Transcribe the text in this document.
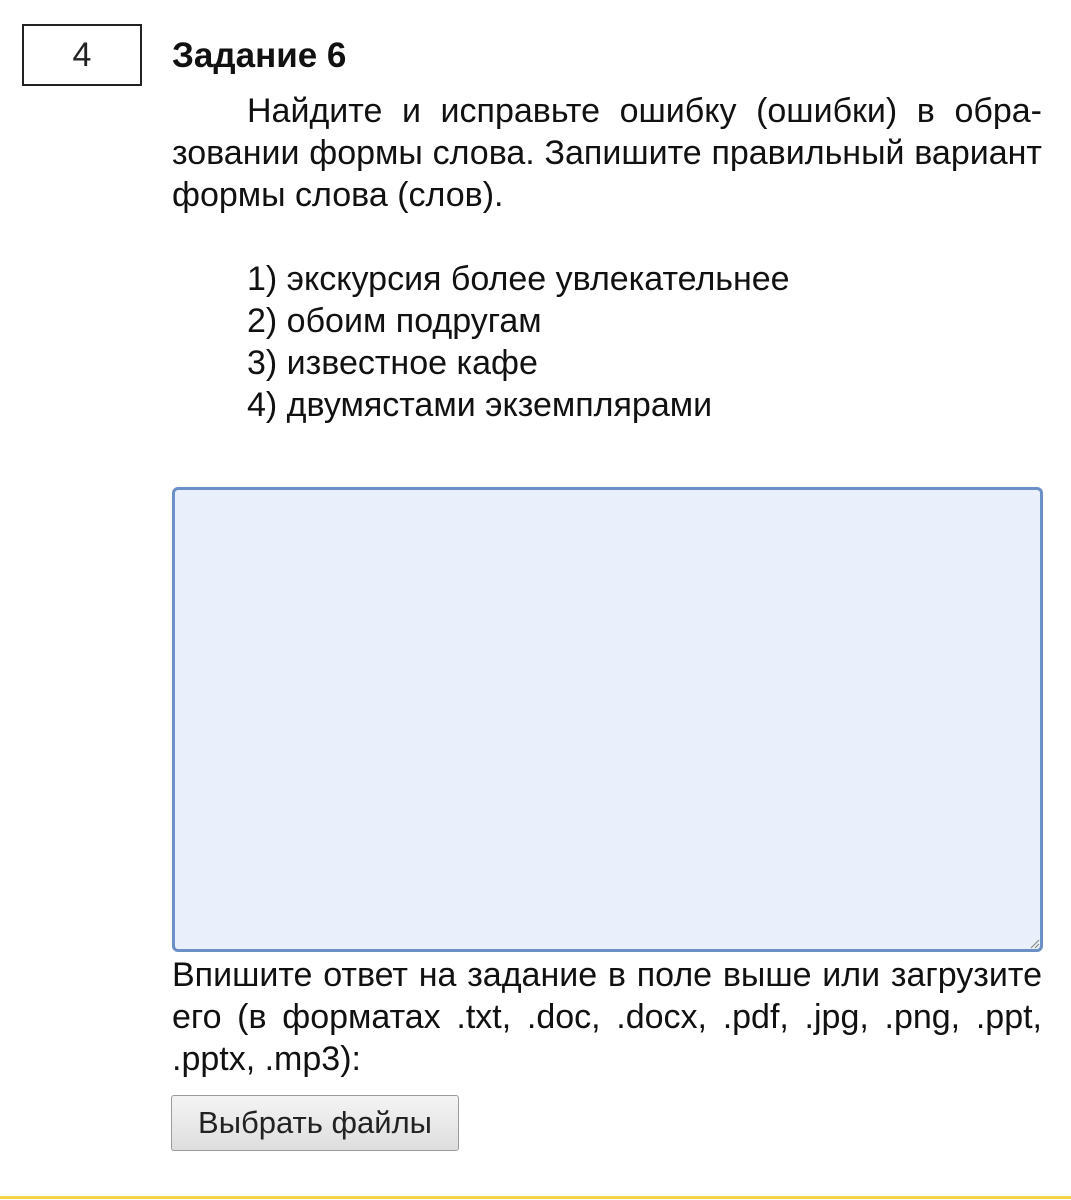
4 Задание 6

Найдите и исправьте ошибку (ошибки) в образовании формы слова. Запишите правильный вариант формы слова (слов).

1) экскурсия более увлекательнее
2) обоим подругам
3) известное кафе
4) двумястами экземплярами

Впишите ответ на задание в поле выше или загрузите его (в форматах .txt, .doc, .docx, .pdf, .jpg, .png, .ppt, .pptx, .mp3):

Выбрать файлы
